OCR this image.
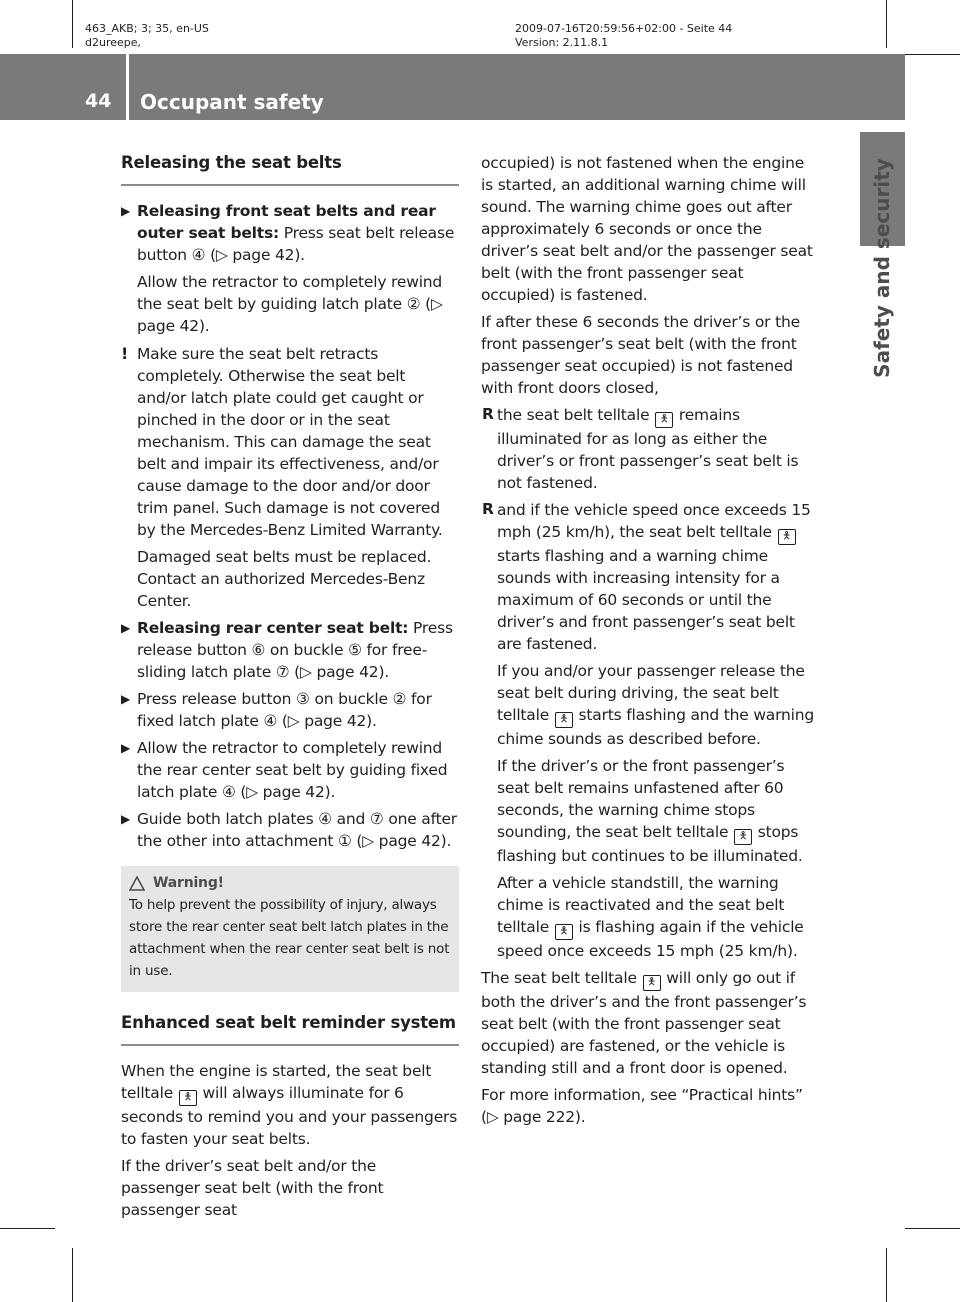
463_AKB; 3; 35, en-US
d2ureepe,
2009-07-16T20:59:56+02:00 - Seite 44
Version: 2.11.8.1
44 Occupant safety
Safety and security
Releasing the seat belts
▶ Releasing front seat belts and rear outer seat belts: Press seat belt release button ④ (▷ page 42).

Allow the retractor to completely rewind the seat belt by guiding latch plate ② (▷ page 42).

! Make sure the seat belt retracts completely. Otherwise the seat belt and/or latch plate could get caught or pinched in the door or in the seat mechanism. This can damage the seat belt and impair its effectiveness, and/or cause damage to the door and/or door trim panel. Such damage is not covered by the Mercedes-Benz Limited Warranty.

Damaged seat belts must be replaced. Contact an authorized Mercedes-Benz Center.

▶ Releasing rear center seat belt: Press release button ⑥ on buckle ⑤ for free-sliding latch plate ⑦ (▷ page 42).

▶ Press release button ③ on buckle ② for fixed latch plate ④ (▷ page 42).

▶ Allow the retractor to completely rewind the rear center seat belt by guiding fixed latch plate ④ (▷ page 42).

▶ Guide both latch plates ④ and ⑦ one after the other into attachment ① (▷ page 42).

Warning!
To help prevent the possibility of injury, always store the rear center seat belt latch plates in the attachment when the rear center seat belt is not in use.
Enhanced seat belt reminder system

When the engine is started, the seat belt telltale 🯅 will always illuminate for 6 seconds to remind you and your passengers to fasten your seat belts.

If the driver’s seat belt and/or the passenger seat belt (with the front passenger seat

occupied) is not fastened when the engine is started, an additional warning chime will sound. The warning chime goes out after approximately 6 seconds or once the driver’s seat belt and/or the passenger seat belt (with the front passenger seat occupied) is fastened.

If after these 6 seconds the driver’s or the front passenger’s seat belt (with the front passenger seat occupied) is not fastened with front doors closed,

R the seat belt telltale 🯅 remains illuminated for as long as either the driver’s or front passenger’s seat belt is not fastened.

R and if the vehicle speed once exceeds 15 mph (25 km/h), the seat belt telltale 🯅 starts flashing and a warning chime sounds with increasing intensity for a maximum of 60 seconds or until the driver’s and front passenger’s seat belt are fastened.

If you and/or your passenger release the seat belt during driving, the seat belt telltale 🯅 starts flashing and the warning chime sounds as described before.

If the driver’s or the front passenger’s seat belt remains unfastened after 60 seconds, the warning chime stops sounding, the seat belt telltale 🯅 stops flashing but continues to be illuminated.

After a vehicle standstill, the warning chime is reactivated and the seat belt telltale 🯅 is flashing again if the vehicle speed once exceeds 15 mph (25 km/h).

The seat belt telltale 🯅 will only go out if both the driver’s and the front passenger’s seat belt (with the front passenger seat occupied) are fastened, or the vehicle is standing still and a front door is opened.

For more information, see “Practical hints” (▷ page 222).
